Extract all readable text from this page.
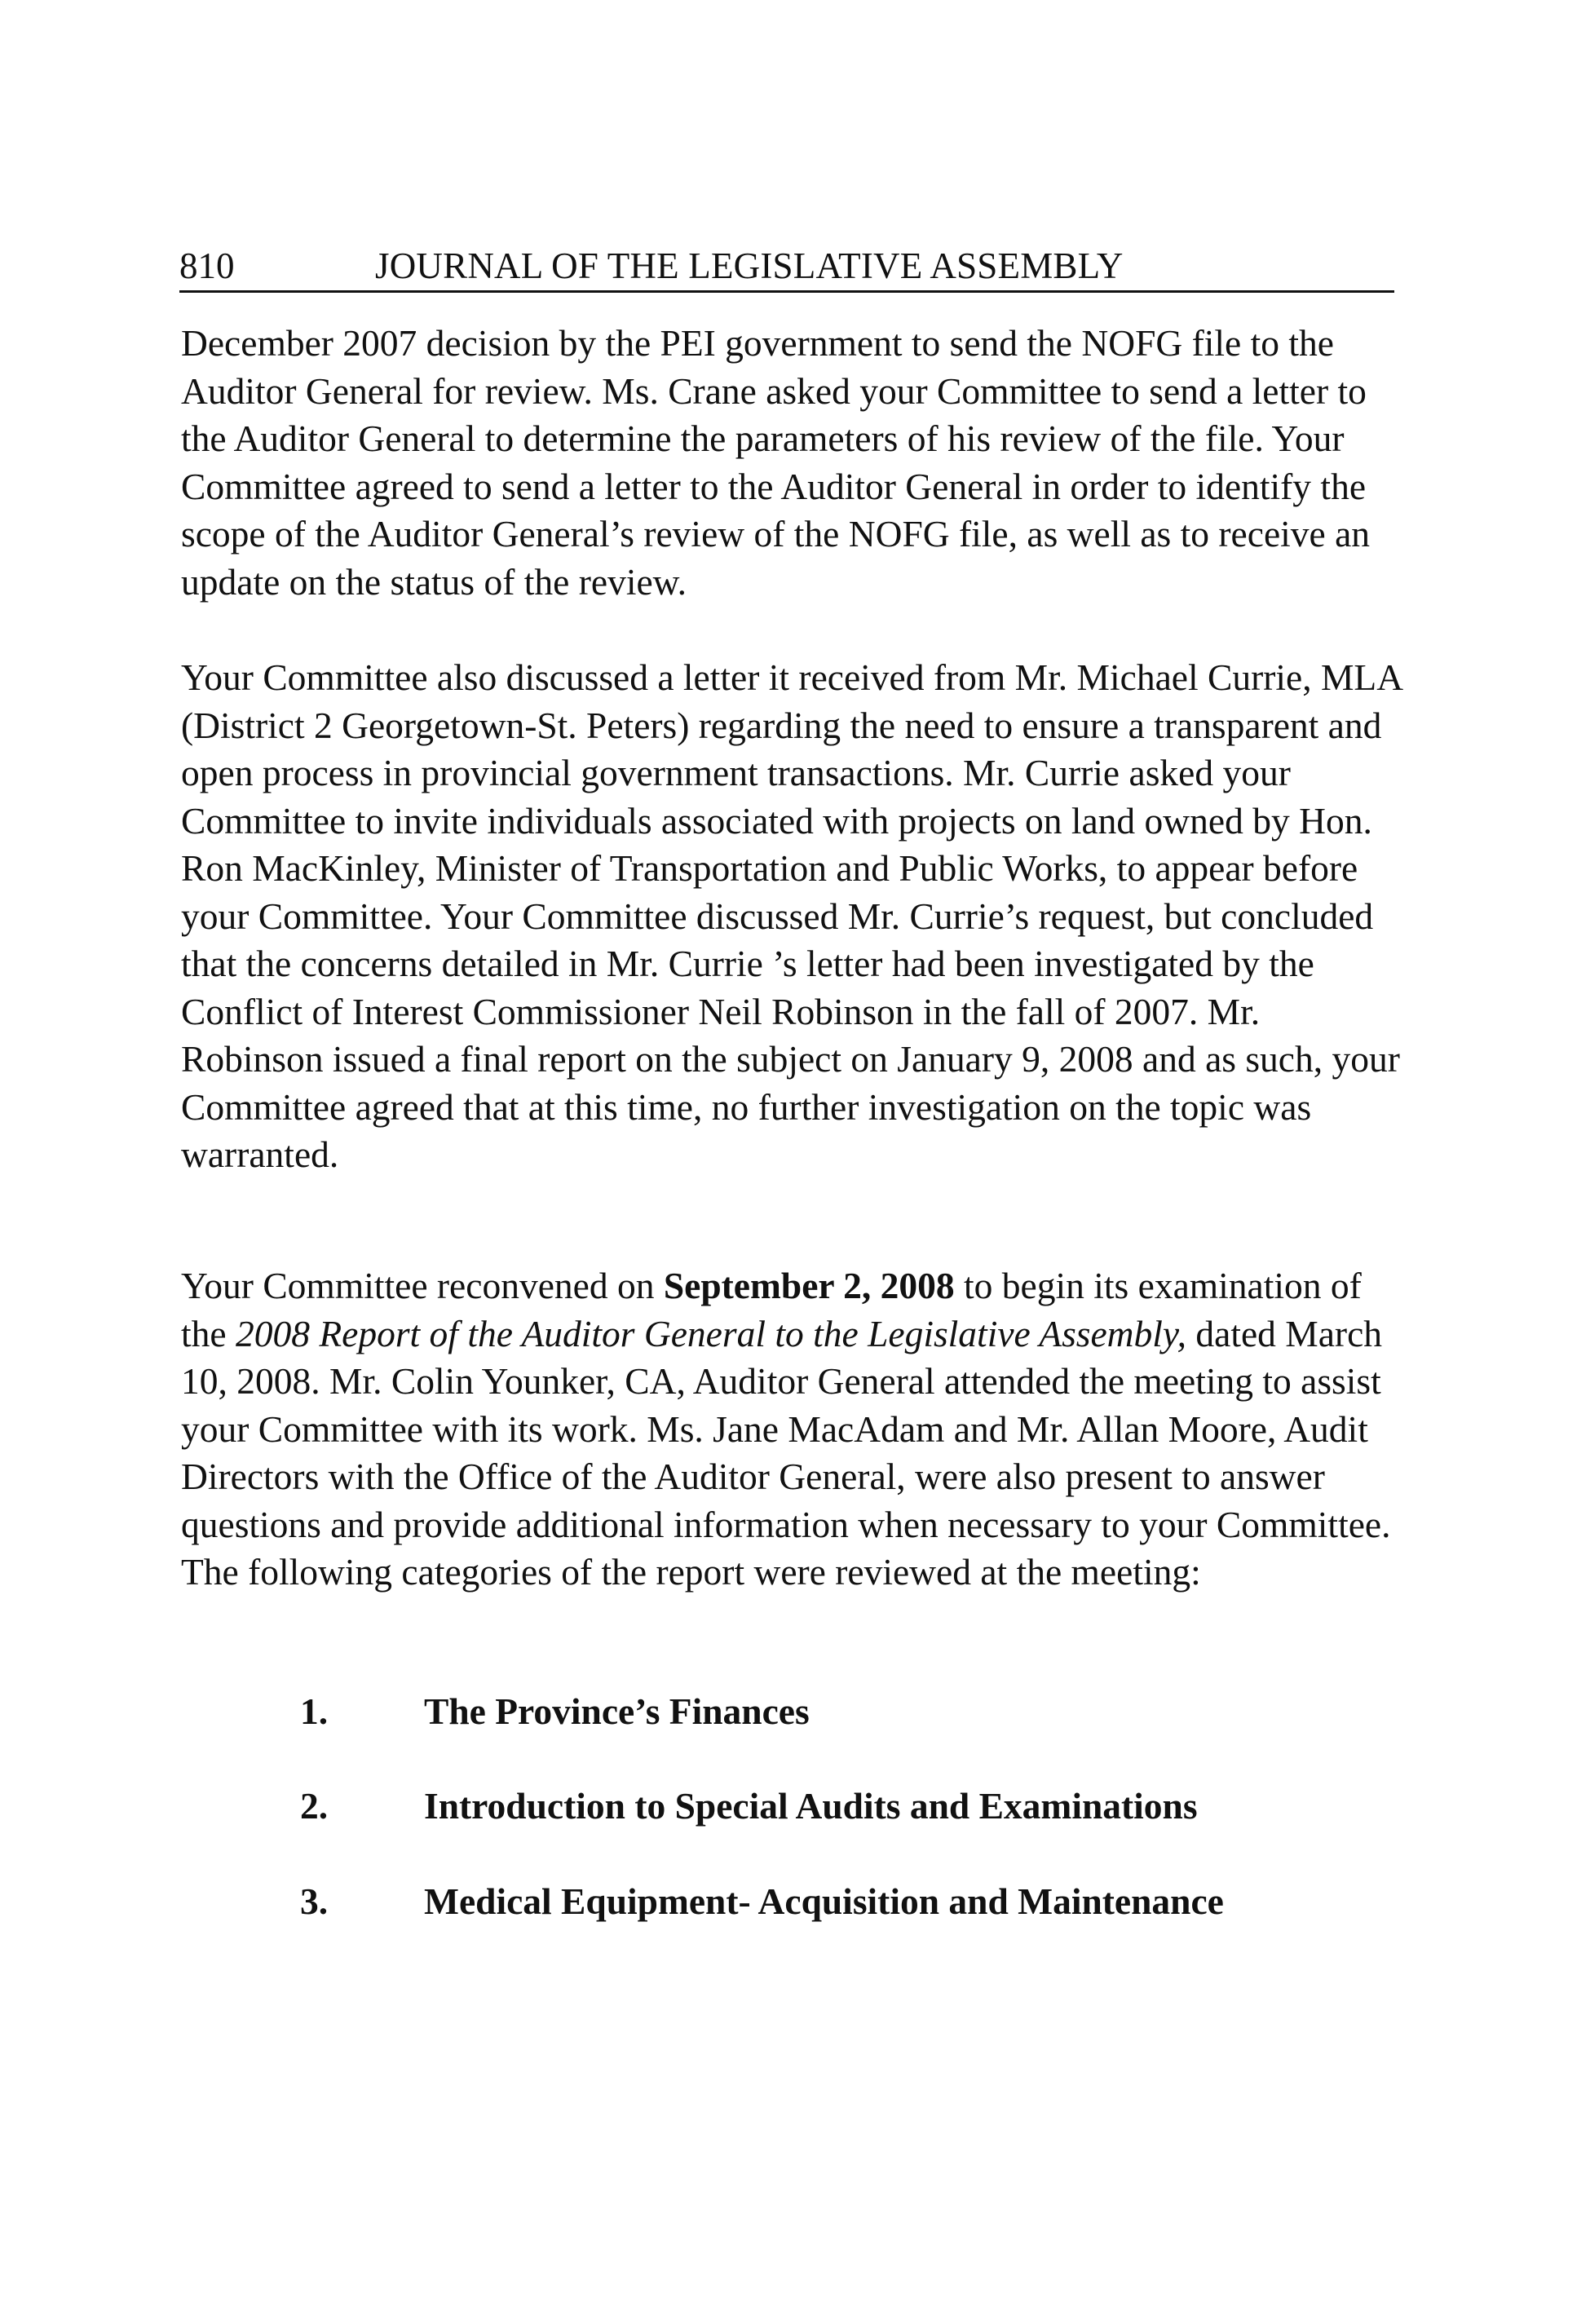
810	JOURNAL OF THE LEGISLATIVE ASSEMBLY

December 2007 decision by the PEI government to send the NOFG file to the Auditor General for review. Ms. Crane asked your Committee to send a letter to the Auditor General to determine the parameters of his review of the file. Your Committee agreed to send a letter to the Auditor General in order to identify the scope of the Auditor General’s review of the NOFG file, as well as to receive an update on the status of the review.

Your Committee also discussed a letter it received from Mr. Michael Currie, MLA (District 2 Georgetown-St. Peters) regarding the need to ensure a transparent and open process in provincial government transactions. Mr. Currie asked your Committee to invite individuals associated with projects on land owned by Hon. Ron MacKinley, Minister of Transportation and Public Works, to appear before your Committee. Your Committee discussed Mr. Currie’s request, but concluded that the concerns detailed in Mr. Currie ’s letter had been investigated by the Conflict of Interest Commissioner Neil Robinson in the fall of 2007. Mr. Robinson issued a final report on the subject on January 9, 2008 and as such, your Committee agreed that at this time, no further investigation on the topic was warranted.

Your Committee reconvened on September 2, 2008 to begin its examination of the 2008 Report of the Auditor General to the Legislative Assembly, dated March 10, 2008. Mr. Colin Younker, CA, Auditor General attended the meeting to assist your Committee with its work. Ms. Jane MacAdam and Mr. Allan Moore, Audit Directors with the Office of the Auditor General, were also present to answer questions and provide additional information when necessary to your Committee. The following categories of the report were reviewed at the meeting:

1.	The Province’s Finances
2.	Introduction to Special Audits and Examinations
3.	Medical Equipment- Acquisition and Maintenance
